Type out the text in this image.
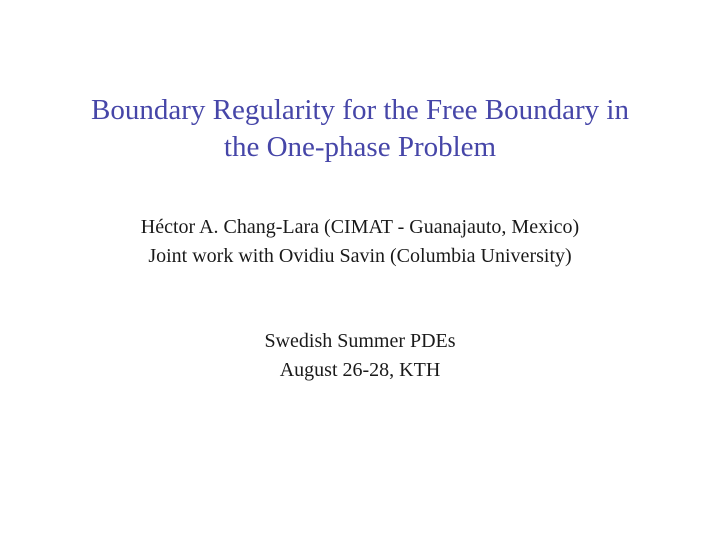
Boundary Regularity for the Free Boundary in
the One-phase Problem
Héctor A. Chang-Lara (CIMAT - Guanajauto, Mexico)
Joint work with Ovidiu Savin (Columbia University)
Swedish Summer PDEs
August 26-28, KTH
